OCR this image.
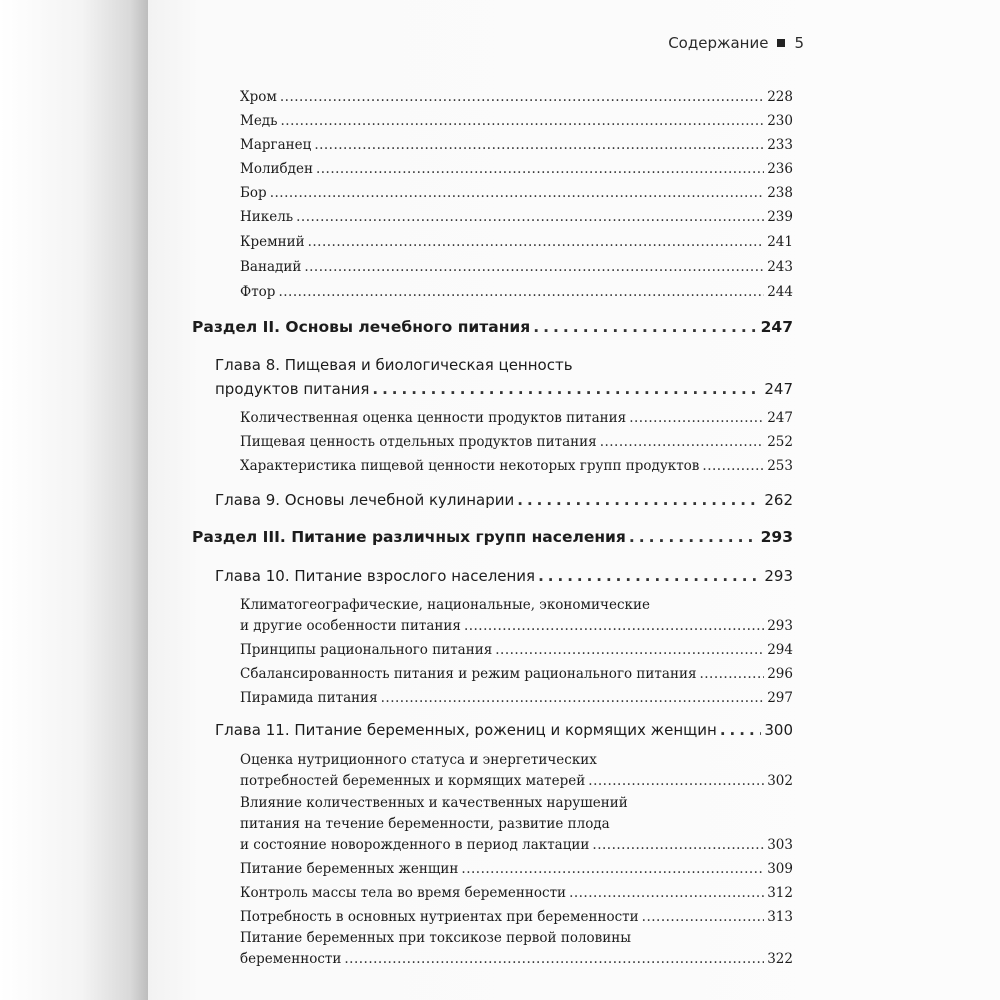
Содержание 5
Хром .....	228
Медь .....	230
Марганец .....	233
Молибден .....	236
Бор .....	238
Никель .....	239
Кремний .....	241
Ванадий .....	243
Фтор .....	244
Раздел II. Основы лечебного питания .....	247
Глава 8. Пищевая и биологическая ценность
продуктов питания .....	247
Количественная оценка ценности продуктов питания .....	247
Пищевая ценность отдельных продуктов питания .....	252
Характеристика пищевой ценности некоторых групп продуктов .....	253
Глава 9. Основы лечебной кулинарии .....	262
Раздел III. Питание различных групп населения .....	293
Глава 10. Питание взрослого населения .....	293
Климатогеографические, национальные, экономические
и другие особенности питания .....	293
Принципы рационального питания .....	294
Сбалансированность питания и режим рационального питания .....	296
Пирамида питания .....	297
Глава 11. Питание беременных, рожениц и кормящих женщин .....	300
Оценка нутриционного статуса и энергетических
потребностей беременных и кормящих матерей .....	302
Влияние количественных и качественных нарушений
питания на течение беременности, развитие плода
и состояние новорожденного в период лактации .....	303
Питание беременных женщин .....	309
Контроль массы тела во время беременности .....	312
Потребность в основных нутриентах при беременности .....	313
Питание беременных при токсикозе первой половины
беременности .....	322
